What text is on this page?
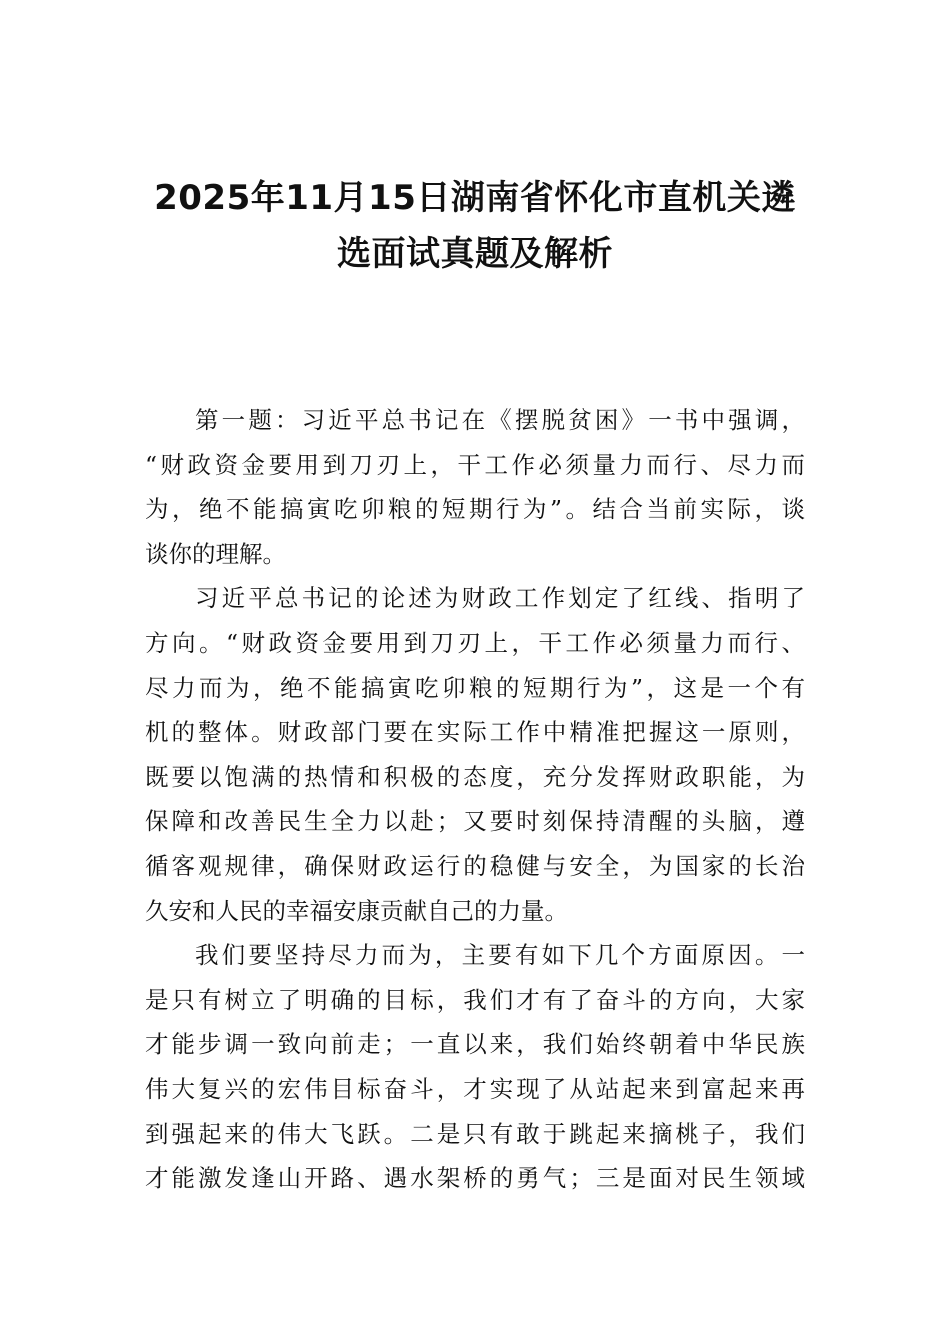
2025年11月15日湖南省怀化市直机关遴
选面试真题及解析

第一题：习近平总书记在《摆脱贫困》一书中强调，
“财政资金要用到刀刃上，干工作必须量力而行、尽力而
为，绝不能搞寅吃卯粮的短期行为”。结合当前实际，谈
谈你的理解。

习近平总书记的论述为财政工作划定了红线、指明了
方向。“财政资金要用到刀刃上，干工作必须量力而行、
尽力而为，绝不能搞寅吃卯粮的短期行为”，这是一个有
机的整体。财政部门要在实际工作中精准把握这一原则，
既要以饱满的热情和积极的态度，充分发挥财政职能，为
保障和改善民生全力以赴；又要时刻保持清醒的头脑，遵
循客观规律，确保财政运行的稳健与安全，为国家的长治
久安和人民的幸福安康贡献自己的力量。

我们要坚持尽力而为，主要有如下几个方面原因。一
是只有树立了明确的目标，我们才有了奋斗的方向，大家
才能步调一致向前走；一直以来，我们始终朝着中华民族
伟大复兴的宏伟目标奋斗，才实现了从站起来到富起来再
到强起来的伟大飞跃。二是只有敢于跳起来摘桃子，我们
才能激发逢山开路、遇水架桥的勇气；三是面对民生领域
